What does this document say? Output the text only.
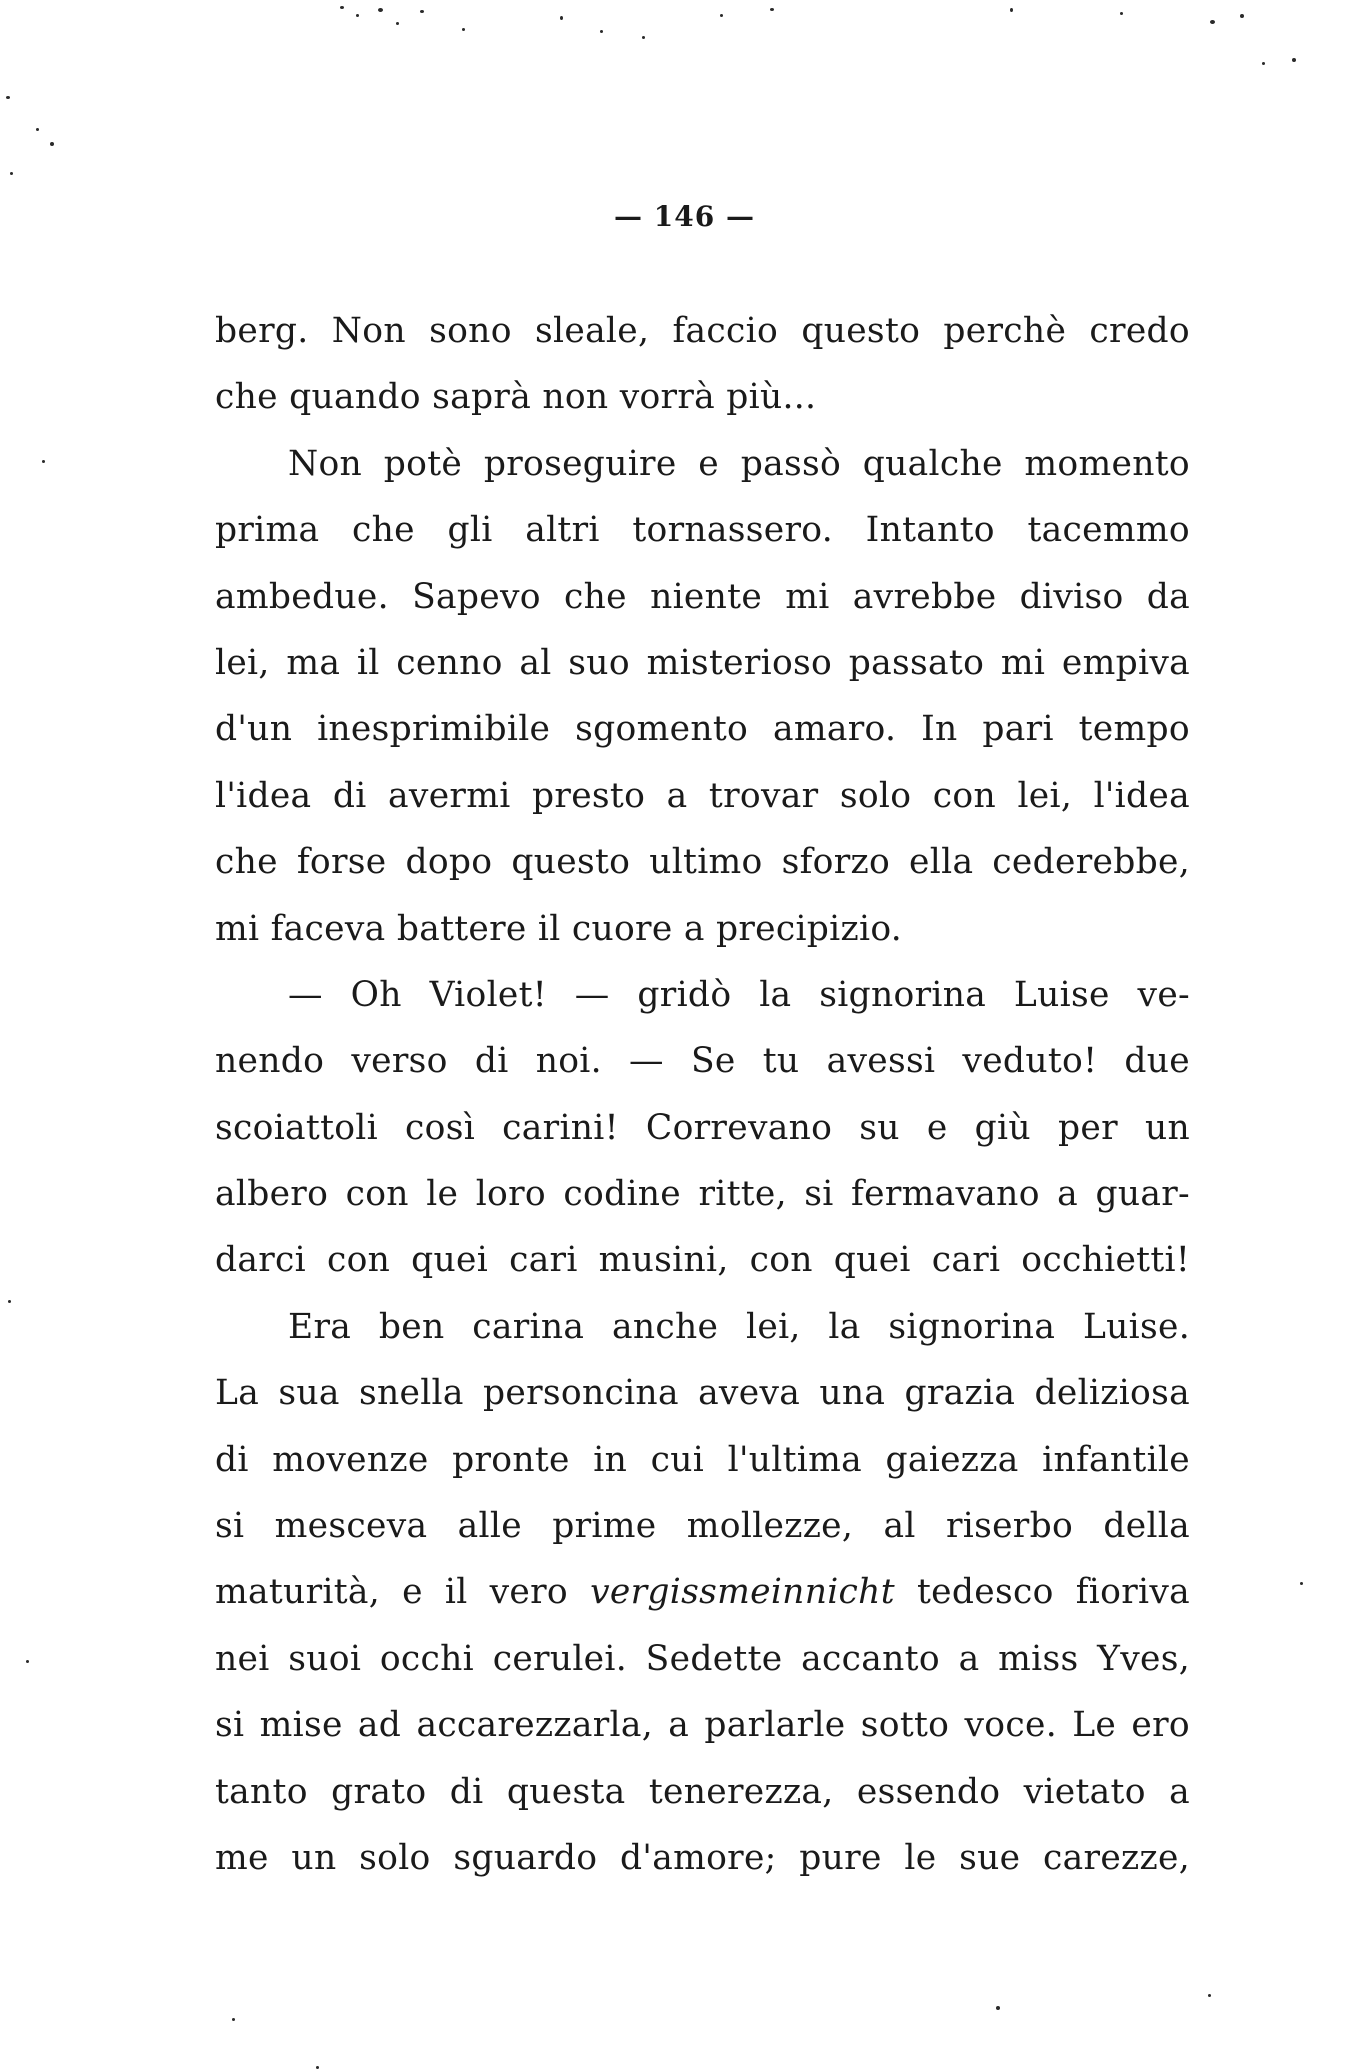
— 146 —
berg. Non sono sleale, faccio questo perchè credo
che quando saprà non vorrà più...
Non potè proseguire e passò qualche momento
prima che gli altri tornassero. Intanto tacemmo
ambedue. Sapevo che niente mi avrebbe diviso da
lei, ma il cenno al suo misterioso passato mi empiva
d'un inesprimibile sgomento amaro. In pari tempo
l'idea di avermi presto a trovar solo con lei, l'idea
che forse dopo questo ultimo sforzo ella cederebbe,
mi faceva battere il cuore a precipizio.
— Oh Violet! — gridò la signorina Luise ve-
nendo verso di noi. — Se tu avessi veduto! due
scoiattoli così carini! Correvano su e giù per un
albero con le loro codine ritte, si fermavano a guar-
darci con quei cari musini, con quei cari occhietti!
Era ben carina anche lei, la signorina Luise.
La sua snella personcina aveva una grazia deliziosa
di movenze pronte in cui l'ultima gaiezza infantile
si mesceva alle prime mollezze, al riserbo della
maturità, e il vero vergissmeinnicht tedesco fioriva
nei suoi occhi cerulei. Sedette accanto a miss Yves,
si mise ad accarezzarla, a parlarle sotto voce. Le ero
tanto grato di questa tenerezza, essendo vietato a
me un solo sguardo d'amore; pure le sue carezze,
